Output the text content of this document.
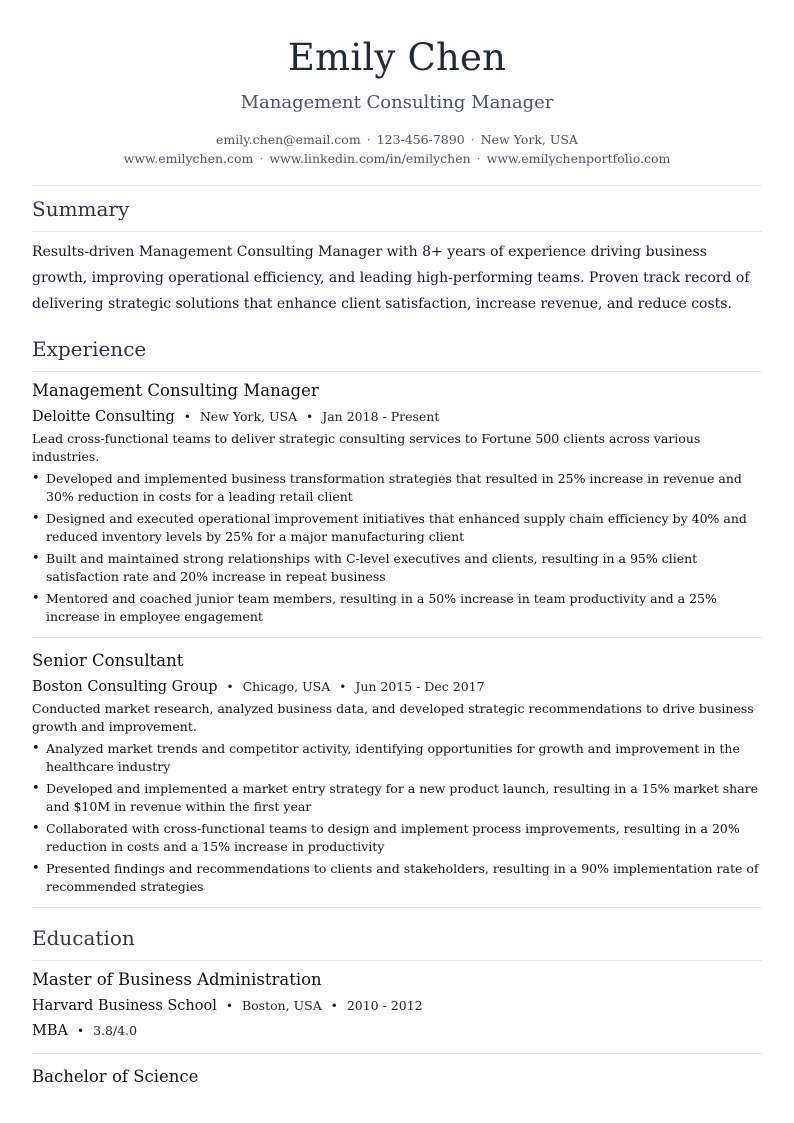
Emily Chen
Management Consulting Manager
emily.chen@email.com · 123-456-7890 · New York, USA
www.emilychen.com · www.linkedin.com/in/emilychen · www.emilychenportfolio.com
Summary

Results-driven Management Consulting Manager with 8+ years of experience driving business growth, improving operational efficiency, and leading high-performing teams. Proven track record of delivering strategic solutions that enhance client satisfaction, increase revenue, and reduce costs.

Experience
Management Consulting Manager
Deloitte Consulting • New York, USA • Jan 2018 - Present

Lead cross-functional teams to deliver strategic consulting services to Fortune 500 clients across various industries.

• Developed and implemented business transformation strategies that resulted in 25% increase in revenue and 30% reduction in costs for a leading retail client
• Designed and executed operational improvement initiatives that enhanced supply chain efficiency by 40% and reduced inventory levels by 25% for a major manufacturing client
• Built and maintained strong relationships with C-level executives and clients, resulting in a 95% client satisfaction rate and 20% increase in repeat business
• Mentored and coached junior team members, resulting in a 50% increase in team productivity and a 25% increase in employee engagement
Senior Consultant
Boston Consulting Group • Chicago, USA • Jun 2015 - Dec 2017

Conducted market research, analyzed business data, and developed strategic recommendations to drive business growth and improvement.

• Analyzed market trends and competitor activity, identifying opportunities for growth and improvement in the healthcare industry
• Developed and implemented a market entry strategy for a new product launch, resulting in a 15% market share and $10M in revenue within the first year
• Collaborated with cross-functional teams to design and implement process improvements, resulting in a 20% reduction in costs and a 15% increase in productivity
• Presented findings and recommendations to clients and stakeholders, resulting in a 90% implementation rate of recommended strategies
Education
Master of Business Administration
Harvard Business School • Boston, USA • 2010 - 2012
MBA • 3.8/4.0
Bachelor of Science
